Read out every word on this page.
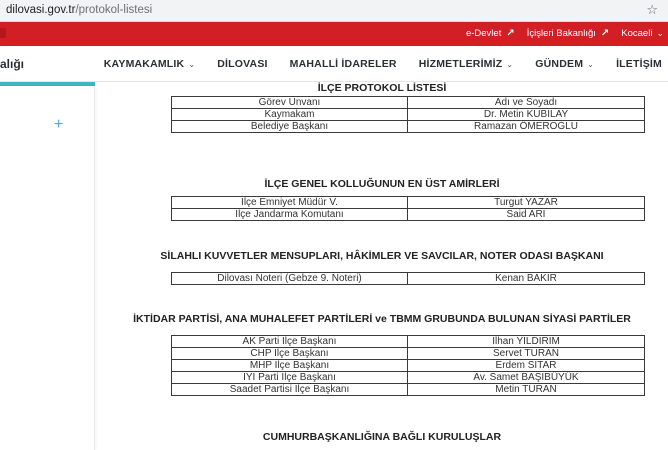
dilovasi.gov.tr/protokol-listesi	☆
e-Devlet ↗ İçişleri Bakanlığı ↗ Kocaeli ⌄
alığı	KAYMAKAMLIK ⌄ DİLOVASI MAHALLİ İDARELER HİZMETLERİMİZ ⌄ GÜNDEM ⌄ İLETİŞİM
+
İLÇE PROTOKOL LİSTESİ
Görev Unvanı	Adı ve Soyadı
Kaymakam	Dr. Metin KUBİLAY
Belediye Başkanı	Ramazan ÖMEROĞLU
İLÇE GENEL KOLLUĞUNUN EN ÜST AMİRLERİ
İlçe Emniyet Müdür V.	Turgut YAZAR
İlçe Jandarma Komutanı	Said ARI
SİLAHLI KUVVETLER MENSUPLARI, HÂKİMLER VE SAVCILAR, NOTER ODASI BAŞKANI
Dilovası Noteri (Gebze 9. Noteri)	Kenan BAKIR
İKTİDAR PARTİSİ, ANA MUHALEFET PARTİLERİ ve TBMM GRUBUNDA BULUNAN SİYASİ PARTİLER
AK Parti İlçe Başkanı	İlhan YILDIRIM
CHP İlçe Başkanı	Servet TURAN
MHP İlçe Başkanı	Erdem SITAR
İYİ Parti İlçe Başkanı	Av. Samet BAŞIBÜYÜK
Saadet Partisi İlçe Başkanı	Metin TURAN
CUMHURBAŞKANLIĞINA BAĞLI KURULUŞLAR
